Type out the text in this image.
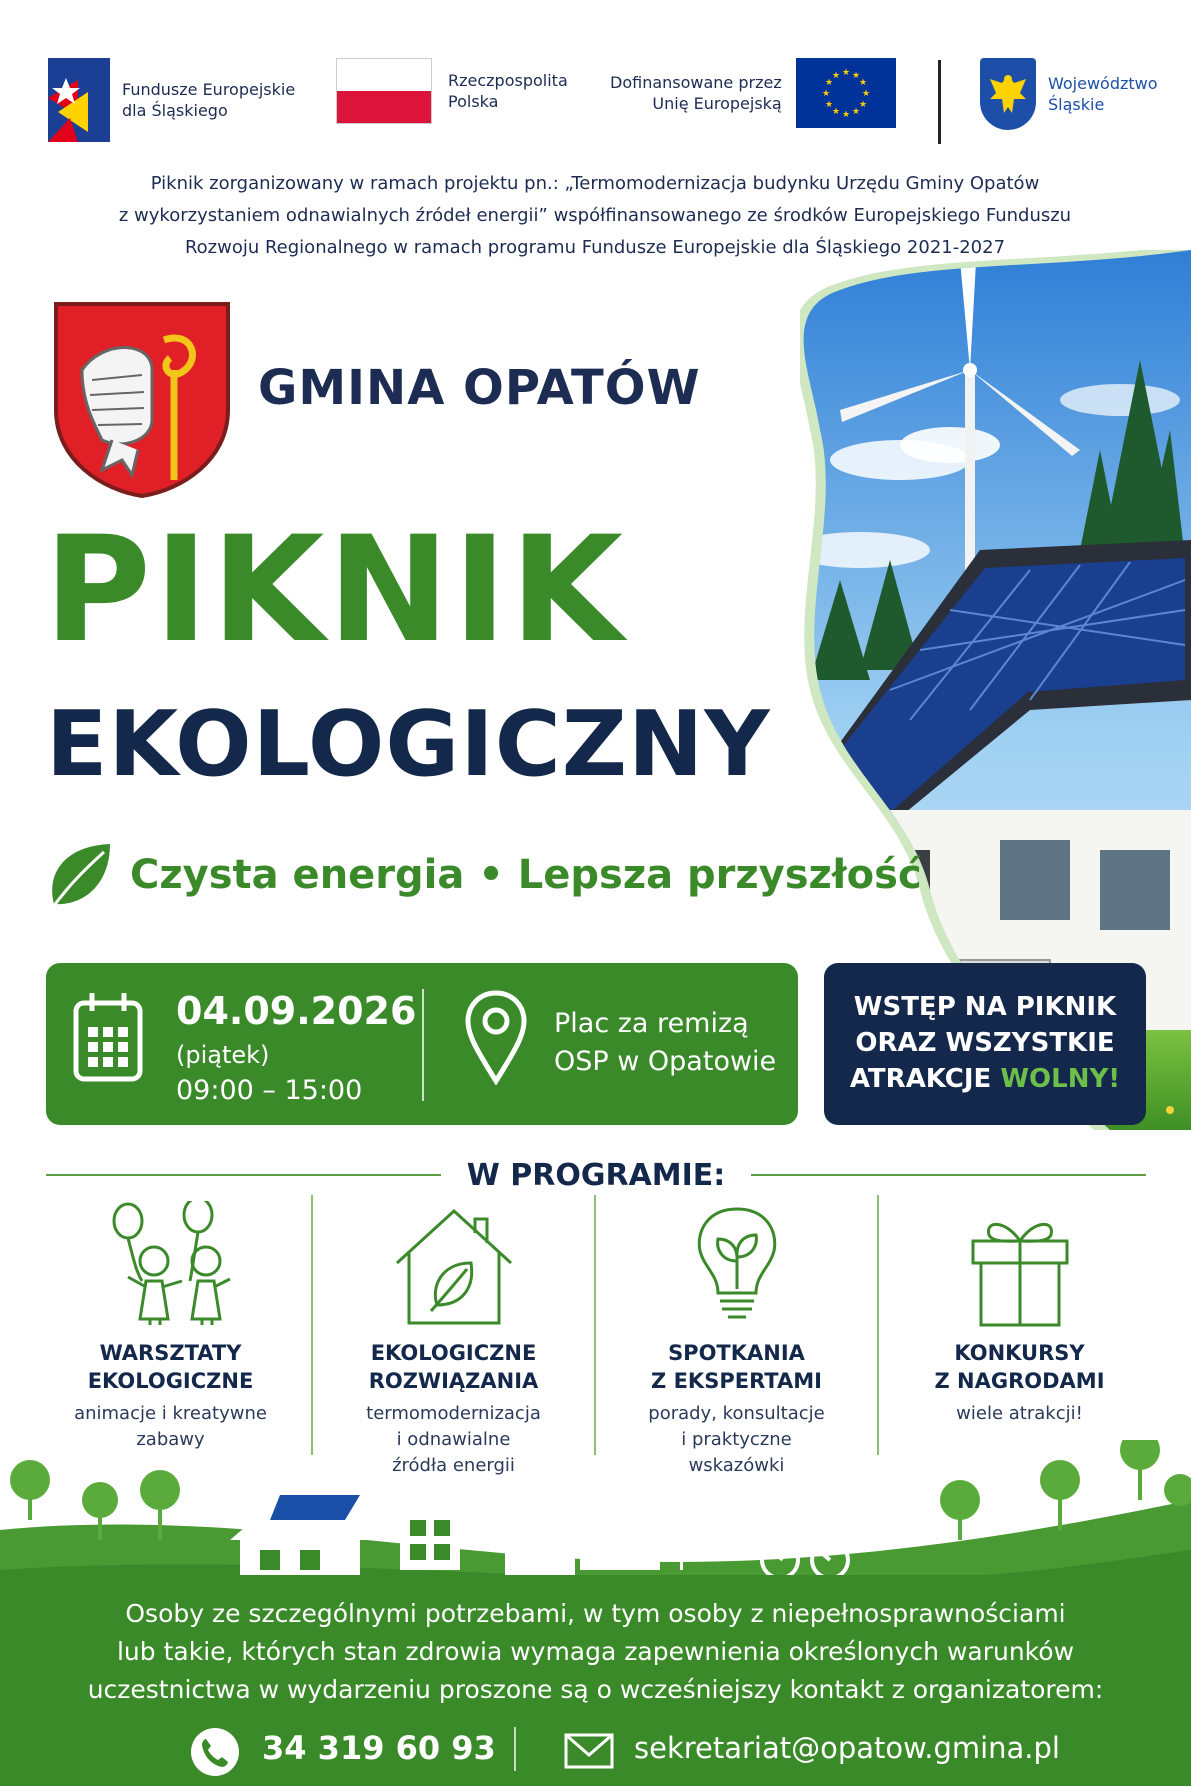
Fundusze Europejskie
dla Śląskiego
Rzeczpospolita
Polska
Dofinansowane przez
Unię Europejską
★ ★
★
★
★
★
★
★
★
★
★
★	Województwo
Śląskie
Piknik zorganizowany w ramach projektu pn.: „Termomodernizacja budynku Urzędu Gminy Opatów
z wykorzystaniem odnawialnych źródeł energii” współfinansowanego ze środków Europejskiego Funduszu
Rozwoju Regionalnego w ramach programu Fundusze Europejskie dla Śląskiego 2021-2027
GMINA OPATÓW
PIKNIK
EKOLOGICZNY
Czysta energia • Lepsza przyszłość
04.09.2026
(piątek)
09:00 – 15:00
Plac za remizą
OSP w Opatowie
WSTĘP NA PIKNIK
ORAZ WSZYSTKIE
ATRAKCJE WOLNY!
W PROGRAMIE:
WARSZTATY
EKOLOGICZNE
animacje i kreatywne
zabawy
EKOLOGICZNE
ROZWIĄZANIA
termomodernizacja
i odnawialne
źródła energii
SPOTKANIA
Z EKSPERTAMI
porady, konsultacje
i praktyczne
wskazówki
KONKURSY
Z NAGRODAMI
wiele atrakcji!
Osoby ze szczególnymi potrzebami, w tym osoby z niepełnosprawnościami
lub takie, których stan zdrowia wymaga zapewnienia określonych warunków
uczestnictwa w wydarzeniu proszone są o wcześniejszy kontakt z organizatorem:
34 319 60 93	sekretariat@opatow.gmina.pl
